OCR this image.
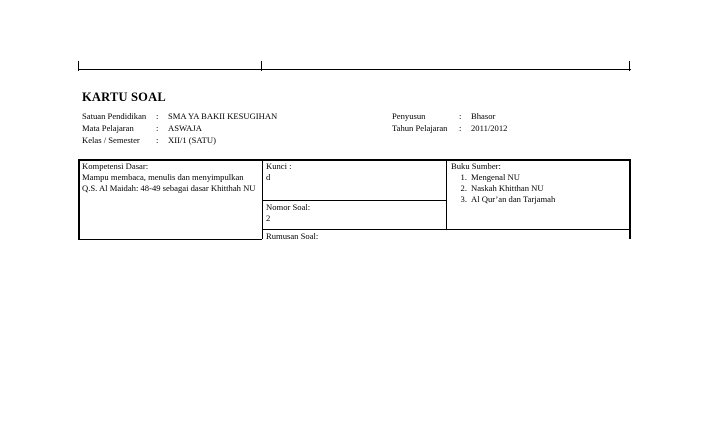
KARTU SOAL
Satuan Pendidikan	:	SMA YA BAKII KESUGIHAN
Mata Pelajaran	:	ASWAJA
Kelas / Semester	:	XII/1 (SATU)
Penyusun	:	Bhasor
Tahun Pelajaran	:	2011/2012
Kompetensi Dasar:
Mampu membaca, menulis dan menyimpulkan
Q.S. Al Maidah: 48-49 sebagai dasar Khitthah NU
Kunci :
d
Nomor Soal:
2
Rumusan Soal:
Buku Sumber:
1. Mengenal NU
2. Naskah Khitthan NU
3. Al Qur’an dan Tarjamah
